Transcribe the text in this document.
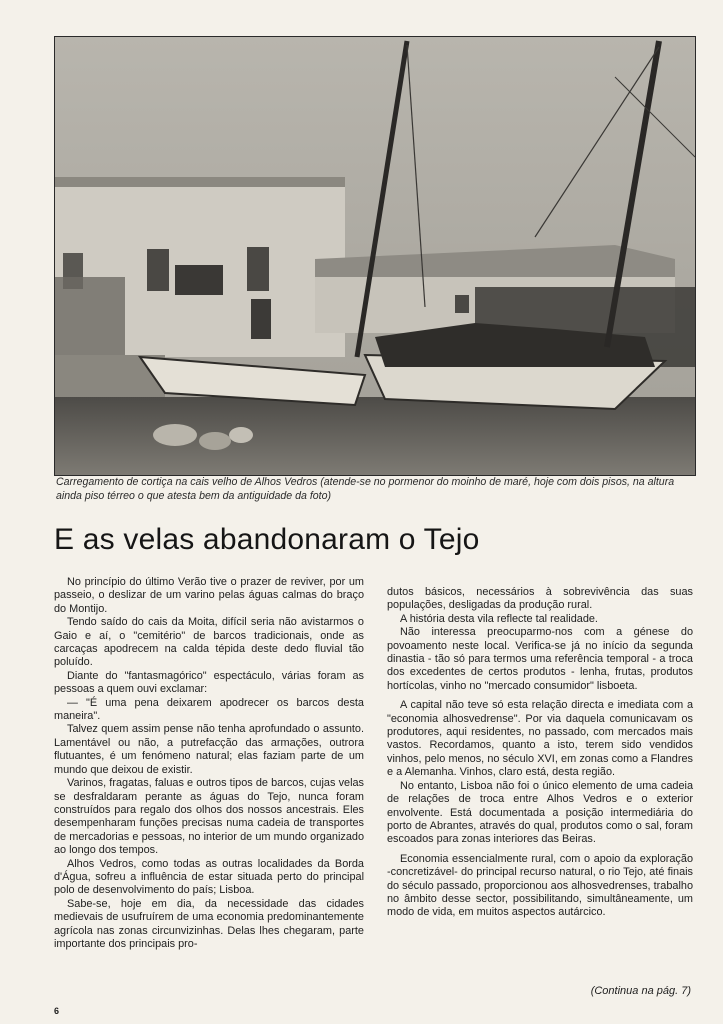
Carregamento de cortiça na cais velho de Alhos Vedros (atende-se no pormenor do moinho de maré, hoje com dois pisos, na altura ainda piso térreo o que atesta bem da antiguidade da foto)

E as velas abandonaram o Tejo

No princípio do último Verão tive o prazer de reviver, por um passeio, o deslizar de um varino pelas águas calmas do braço do Montijo.

Tendo saído do cais da Moita, difícil seria não avistarmos o Gaio e aí, o "cemitério" de barcos tradicionais, onde as carcaças apodrecem na calda tépida deste dedo fluvial tão poluído.

Diante do "fantasmagórico" espectáculo, várias foram as pessoas a quem ouvi exclamar:

— "É uma pena deixarem apodrecer os barcos desta maneira".

Talvez quem assim pense não tenha aprofundado o assunto. Lamentável ou não, a putrefacção das armações, outrora flutuantes, é um fenómeno natural; elas faziam parte de um mundo que deixou de existir.

Varinos, fragatas, faluas e outros tipos de barcos, cujas velas se desfraldaram perante as águas do Tejo, nunca foram construídos para regalo dos olhos dos nossos ancestrais. Eles desempenharam funções precisas numa cadeia de transportes de mercadorias e pessoas, no interior de um mundo organizado ao longo dos tempos.

Alhos Vedros, como todas as outras localidades da Borda d'Água, sofreu a influência de estar situada perto do principal polo de desenvolvimento do país; Lisboa.

Sabe-se, hoje em dia, da necessidade das cidades medievais de usufruírem de uma economia predominantemente agrícola nas zonas circunvizinhas. Delas lhes chegaram, parte importante dos principais pro-

dutos básicos, necessários à sobrevivência das suas populações, desligadas da produção rural.

A história desta vila reflecte tal realidade.

Não interessa preocuparmo-nos com a génese do povoamento neste local. Verifica-se já no início da segunda dinastia - tão só para termos uma referência temporal - a troca dos excedentes de certos produtos - lenha, frutas, produtos hortícolas, vinho no "mercado consumidor" lisboeta.

A capital não teve só esta relação directa e imediata com a "economia alhosvedrense". Por via daquela comunicavam os produtores, aqui residentes, no passado, com mercados mais vastos. Recordamos, quanto a isto, terem sido vendidos vinhos, pelo menos, no século XVI, em zonas como a Flandres e a Alemanha. Vinhos, claro está, desta região.

No entanto, Lisboa não foi o único elemento de uma cadeia de relações de troca entre Alhos Vedros e o exterior envolvente. Está documentada a posição intermediária do porto de Abrantes, através do qual, produtos como o sal, foram escoados para zonas interiores das Beiras.

Economia essencialmente rural, com o apoio da exploração -concretizável- do principal recurso natural, o rio Tejo, até finais do século passado, proporcionou aos alhosvedrenses, trabalho no âmbito desse sector, possibilitando, simultâneamente, um modo de vida, em muitos aspectos autárcico.

(Continua na pág. 7)

6
